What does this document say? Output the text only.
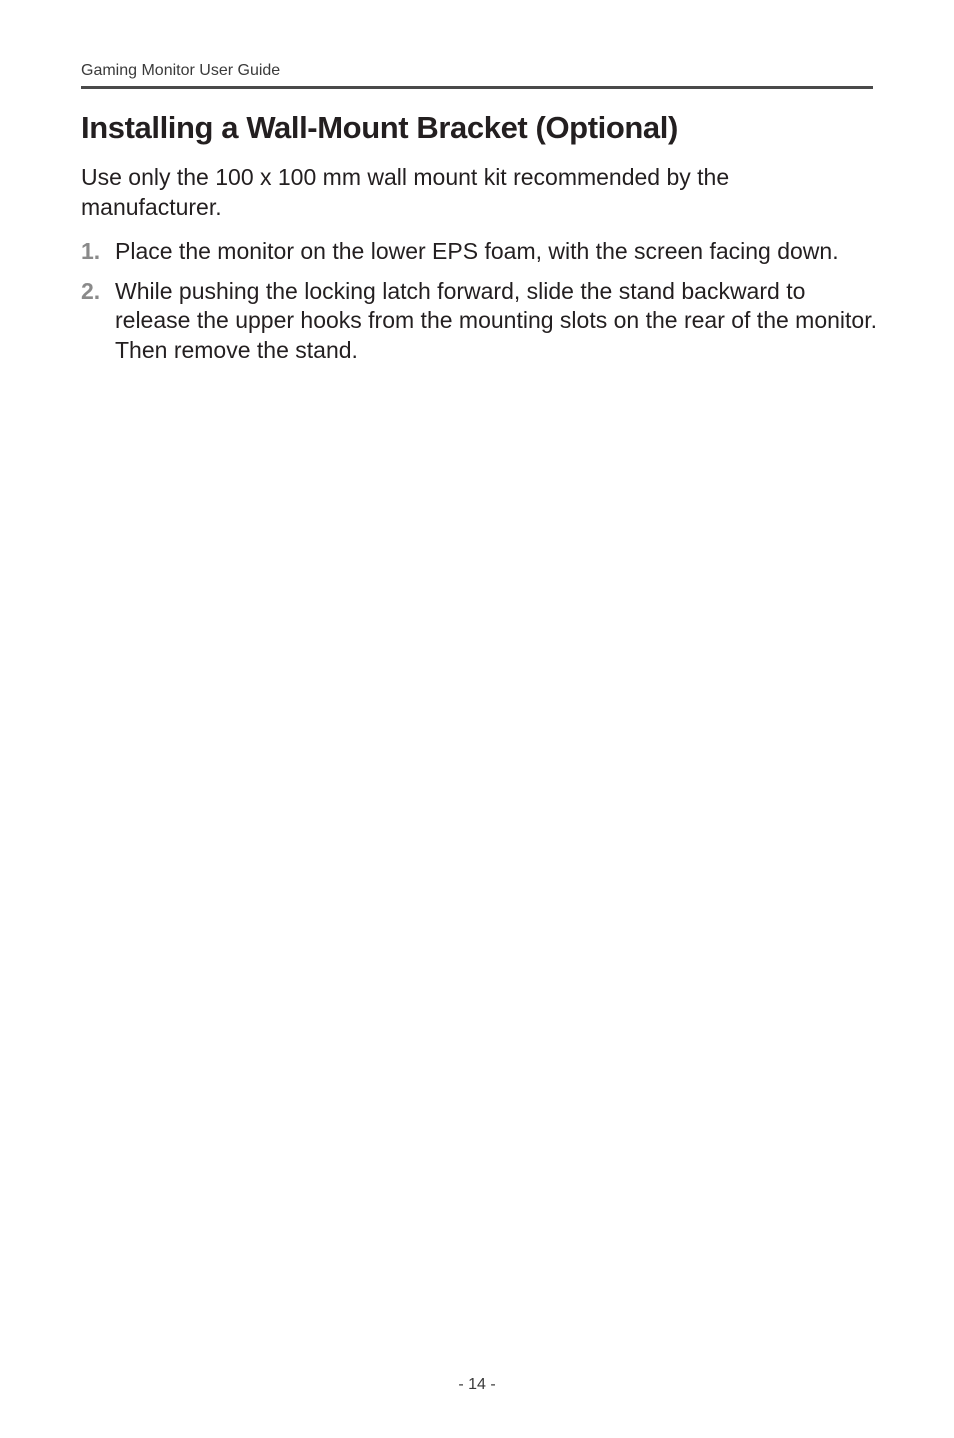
Gaming Monitor User Guide
Installing a Wall-Mount Bracket (Optional)

Use only the 100 x 100 mm wall mount kit recommended by the manufacturer.

1. Place the monitor on the lower EPS foam, with the screen facing down.
2. While pushing the locking latch forward, slide the stand backward to release the upper hooks from the mounting slots on the rear of the monitor. Then remove the stand.
- 14 -
